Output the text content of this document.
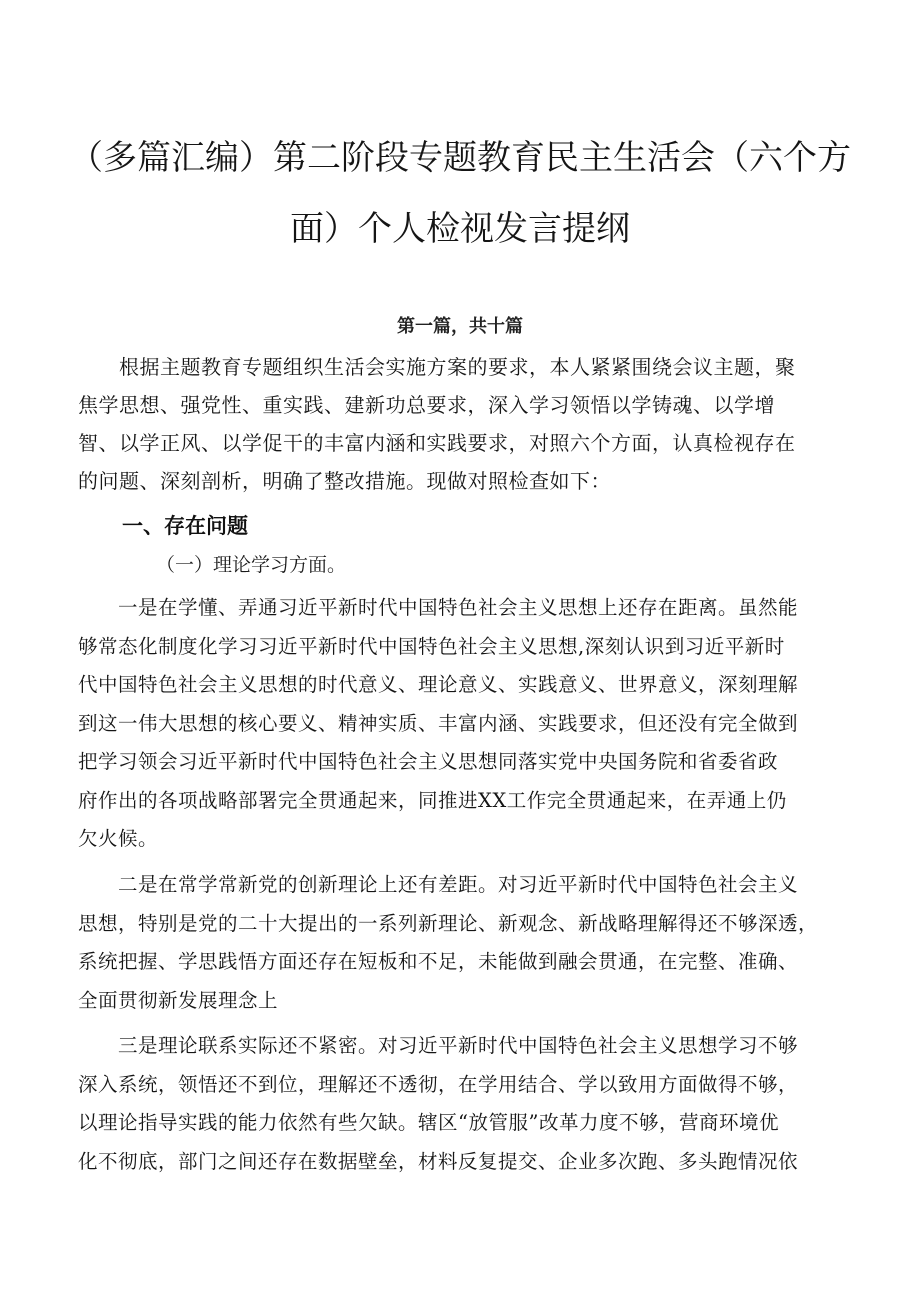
（多篇汇编）第二阶段专题教育民主生活会（六个方
面）个人检视发言提纲
第一篇，共十篇
　　根据主题教育专题组织生活会实施方案的要求，本人紧紧围绕会议主题，聚
焦学思想、强党性、重实践、建新功总要求，深入学习领悟以学铸魂、以学增
智、以学正风、以学促干的丰富内涵和实践要求，对照六个方面，认真检视存在
的问题、深刻剖析，明确了整改措施。现做对照检查如下：
一、存在问题
（一）理论学习方面。
　　一是在学懂、弄通习近平新时代中国特色社会主义思想上还存在距离。虽然能
够常态化制度化学习习近平新时代中国特色社会主义思想,深刻认识到习近平新时
代中国特色社会主义思想的时代意义、理论意义、实践意义、世界意义，深刻理解
到这一伟大思想的核心要义、精神实质、丰富内涵、实践要求，但还没有完全做到
把学习领会习近平新时代中国特色社会主义思想同落实党中央国务院和省委省政
府作出的各项战略部署完全贯通起来，同推进XX工作完全贯通起来，在弄通上仍
欠火候。
　　二是在常学常新党的创新理论上还有差距。对习近平新时代中国特色社会主义
思想，特别是党的二十大提出的一系列新理论、新观念、新战略理解得还不够深透，
系统把握、学思践悟方面还存在短板和不足，未能做到融会贯通，在完整、准确、
全面贯彻新发展理念上
　　三是理论联系实际还不紧密。对习近平新时代中国特色社会主义思想学习不够
深入系统，领悟还不到位，理解还不透彻，在学用结合、学以致用方面做得不够，
以理论指导实践的能力依然有些欠缺。辖区“放管服”改革力度不够，营商环境优
化不彻底，部门之间还存在数据壁垒，材料反复提交、企业多次跑、多头跑情况依
